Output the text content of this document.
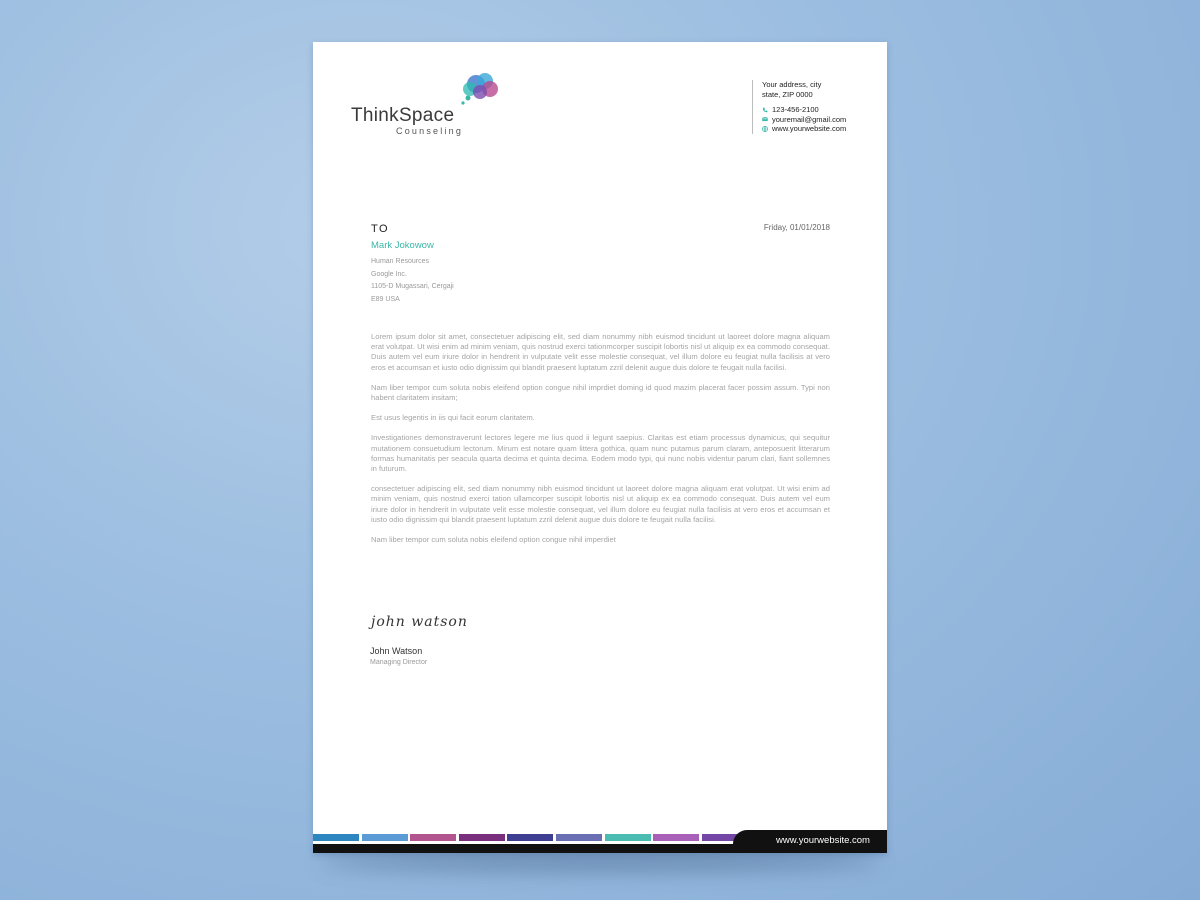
ThinkSpace
Counseling
Your address, city
state, ZIP 0000
123-456-2100
youremail@gmail.com
www.yourwebsite.com
TO	Friday, 01/01/2018
Mark Jokowow
Human Resources
Google Inc.
1105-D Mugassari, Cergaji
E89 USA

Lorem ipsum dolor sit amet, consectetuer adipiscing elit, sed diam nonummy nibh euismod tincidunt ut laoreet dolore magna aliquam erat volutpat. Ut wisi enim ad minim veniam, quis nostrud exerci tationmcorper suscipit lobortis nisl ut aliquip ex ea commodo consequat. Duis autem vel eum iriure dolor in hendrerit in vulputate velit esse molestie consequat, vel illum dolore eu feugiat nulla facilisis at vero eros et accumsan et iusto odio dignissim qui blandit praesent luptatum zzril delenit augue duis dolore te feugait nulla facilisi.

Nam liber tempor cum soluta nobis eleifend option congue nihil imprdiet doming id quod mazim placerat facer possim assum. Typi non habent claritatem insitam;

Est usus legentis in iis qui facit eorum claritatem.

Investigationes demonstraverunt lectores legere me lius quod ii legunt saepius. Claritas est etiam processus dynamicus, qui sequitur mutationem consuetudium lectorum. Mirum est notare quam littera gothica, quam nunc putamus parum claram, anteposuerit litterarum formas humanitatis per seacula quarta decima et quinta decima. Eodem modo typi, qui nunc nobis videntur parum clari, fiant sollemnes in futurum.

consectetuer adipiscing elit, sed diam nonummy nibh euismod tincidunt ut laoreet dolore magna aliquam erat volutpat. Ut wisi enim ad minim veniam, quis nostrud exerci tation ullamcorper suscipit lobortis nisl ut aliquip ex ea commodo consequat. Duis autem vel eum iriure dolor in hendrerit in vulputate velit esse molestie consequat, vel illum dolore eu feugiat nulla facilisis at vero eros et accumsan et iusto odio dignissim qui blandit praesent luptatum zzril delenit augue duis dolore te feugait nulla facilisi.

Nam liber tempor cum soluta nobis eleifend option congue nihil imperdiet

john watson
John Watson
Managing Director
www.yourwebsite.com
